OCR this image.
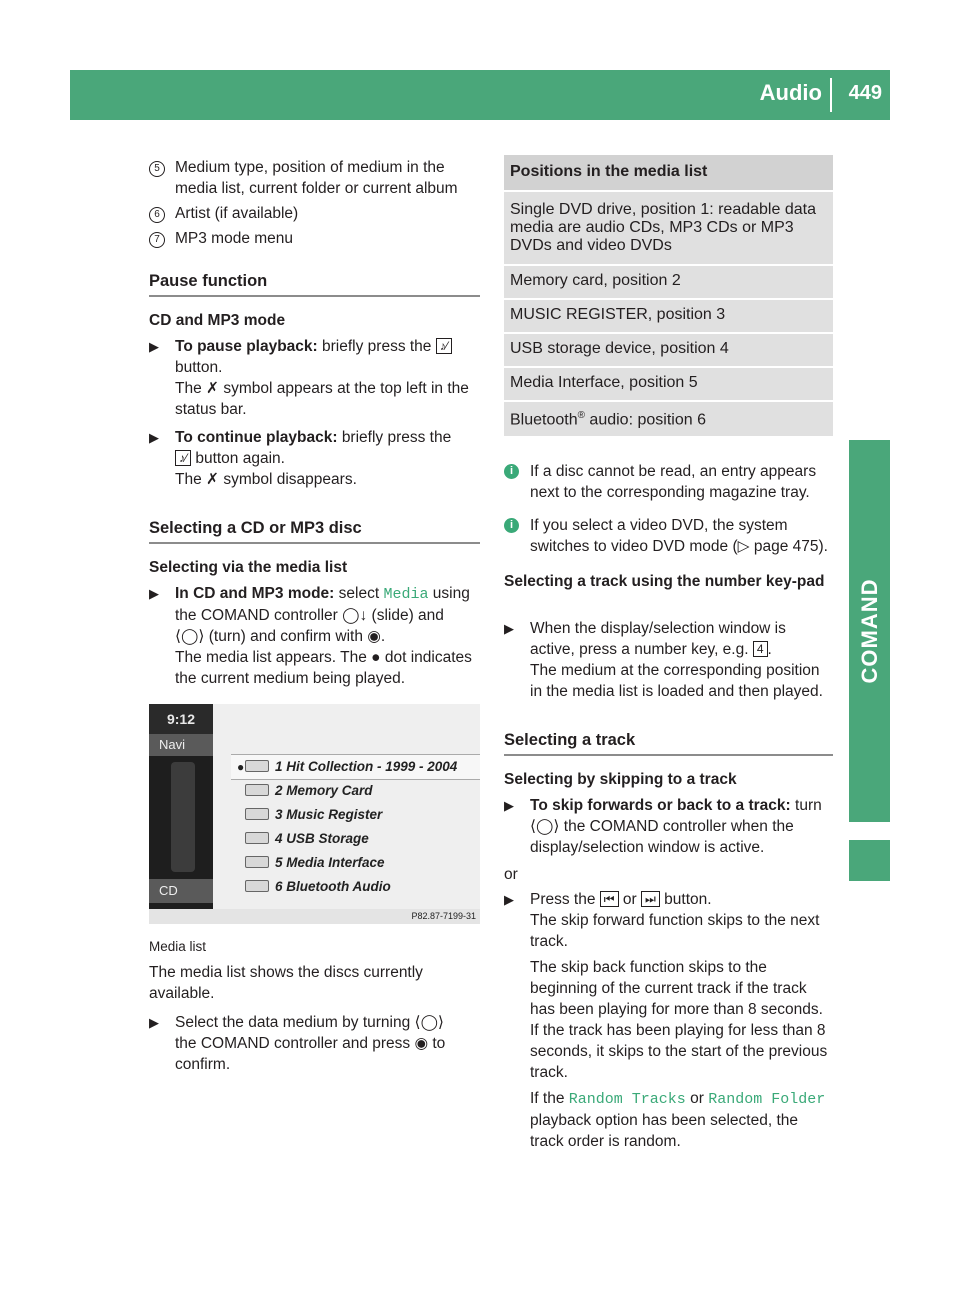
Audio 449
COMAND
5 Medium type, position of medium in the media list, current folder or current album
6 Artist (if available)
7 MP3 mode menu
Pause function
CD and MP3 mode
▶	To pause playback: briefly press the ♪⁄ button.
The ✗ symbol appears at the top left in the status bar.
▶	To continue playback: briefly press the
♪⁄ button again.
The ✗ symbol disappears.
Selecting a CD or MP3 disc
Selecting via the media list
▶	In CD and MP3 mode: select Media using the COMAND controller ◯↓ (slide) and
⟨◯⟩ (turn) and confirm with ◉.
The media list appears. The ● dot indicates the current medium being played.
Media list
The media list shows the discs currently available.
▶	Select the data medium by turning ⟨◯⟩
the COMAND controller and press ◉ to confirm.
9:12
Navi
CD
● 1 Hit Collection - 1999 - 2004
2 Memory Card
3 Music Register
4 USB Storage
5 Media Interface
6 Bluetooth Audio
P82.87-7199-31
Positions in the media list
Single DVD drive, position 1: readable data media are audio CDs, MP3 CDs or MP3 DVDs and video DVDs
Memory card, position 2
MUSIC REGISTER, position 3
USB storage device, position 4
Media Interface, position 5
Bluetooth® audio: position 6
i	If a disc cannot be read, an entry appears next to the corresponding magazine tray.
i	If you select a video DVD, the system switches to video DVD mode (▷ page 475).
Selecting a track using the number key-pad
▶	When the display/selection window is active, press a number key, e.g. 4 .
The medium at the corresponding position in the media list is loaded and then played.
Selecting a track
Selecting by skipping to a track
▶	To skip forwards or back to a track: turn
⟨◯⟩ the COMAND controller when the display/selection window is active.
or
▶	Press the ⏮ or ⏭ button.
The skip forward function skips to the next track.
The skip back function skips to the beginning of the current track if the track has been playing for more than 8 seconds. If the track has been playing for less than 8 seconds, it skips to the start of the previous track.
If the Random Tracks or Random Folder playback option has been selected, the track order is random.
